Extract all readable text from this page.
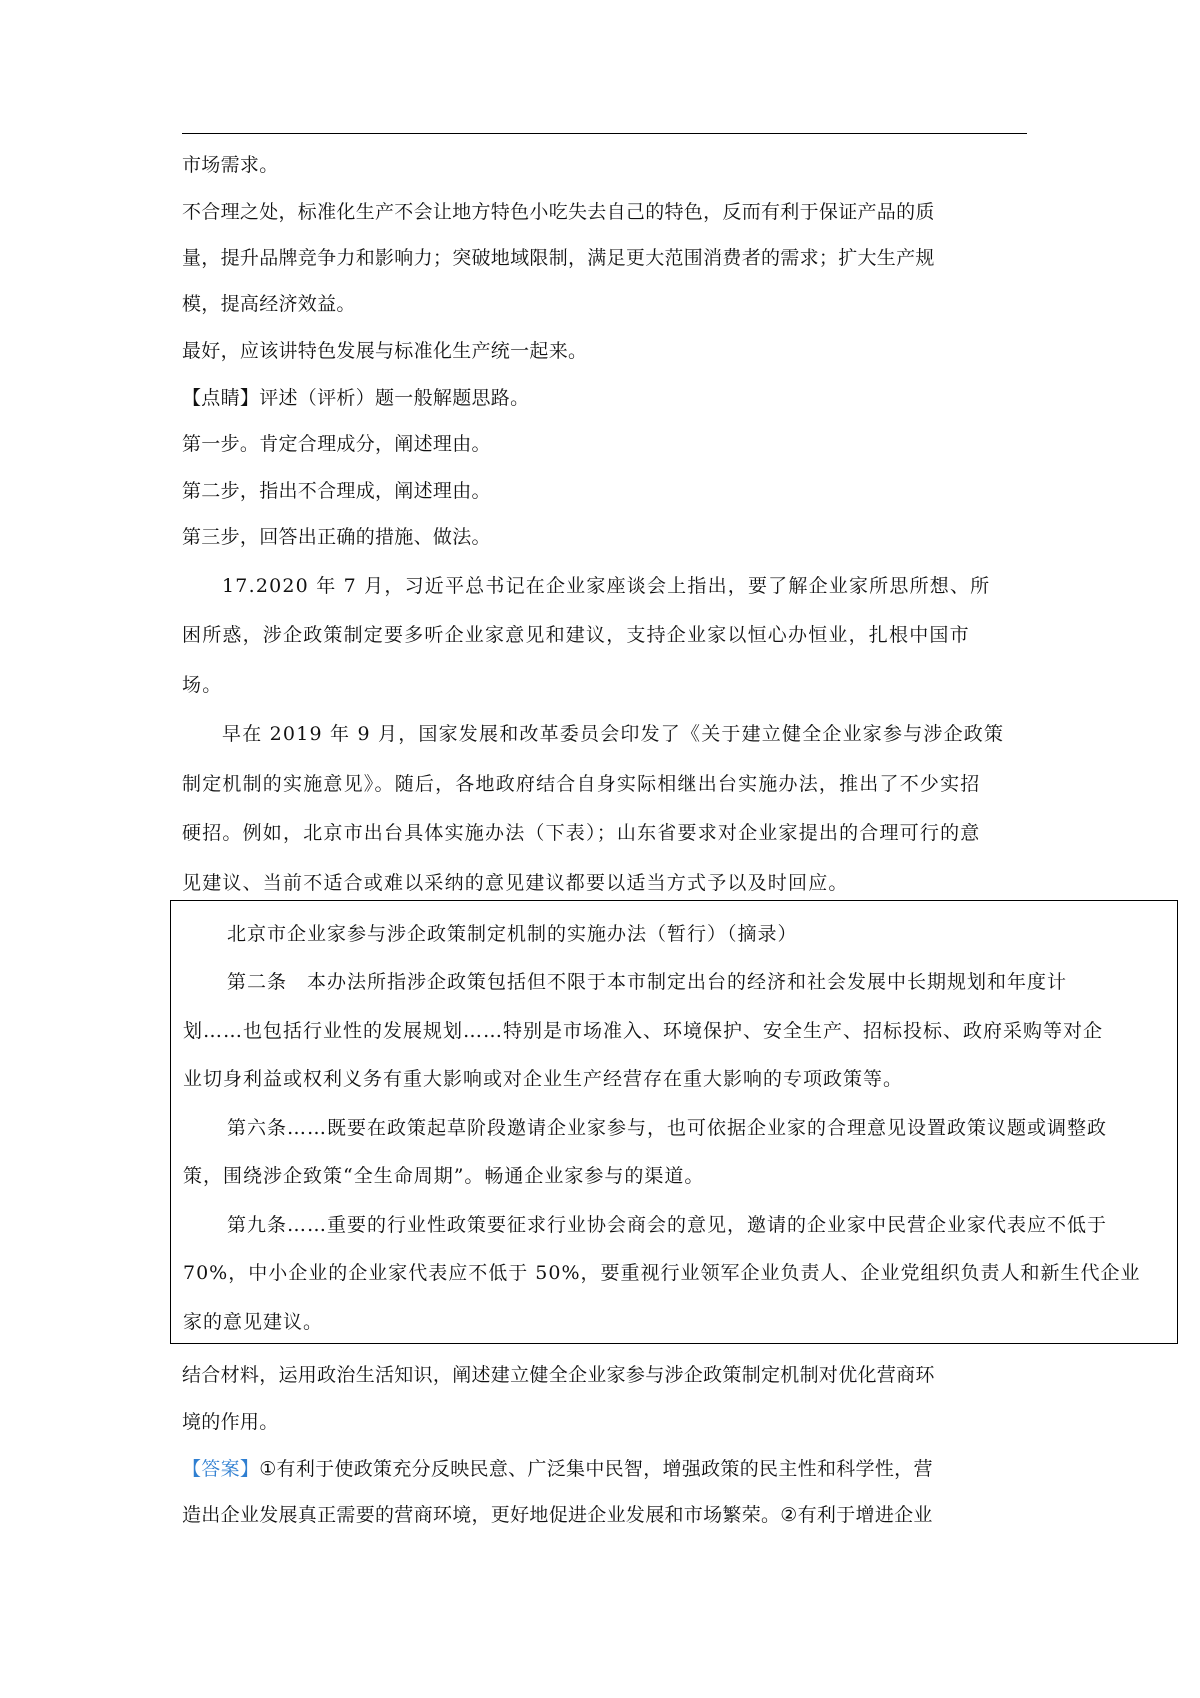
市场需求。
不合理之处，标准化生产不会让地方特色小吃失去自己的特色，反而有利于保证产品的质
量，提升品牌竞争力和影响力；突破地域限制，满足更大范围消费者的需求；扩大生产规
模，提高经济效益。
最好，应该讲特色发展与标准化生产统一起来。
【点睛】评述（评析）题一般解题思路。
第一步。肯定合理成分，阐述理由。
第二步，指出不合理成，阐述理由。
第三步，回答出正确的措施、做法。
17.2020 年 7 月，习近平总书记在企业家座谈会上指出，要了解企业家所思所想、所
困所惑，涉企政策制定要多听企业家意见和建议，支持企业家以恒心办恒业，扎根中国市
场。
早在 2019 年 9 月，国家发展和改革委员会印发了《关于建立健全企业家参与涉企政策
制定机制的实施意见》。随后，各地政府结合自身实际相继出台实施办法，推出了不少实招
硬招。例如，北京市出台具体实施办法（下表）；山东省要求对企业家提出的合理可行的意
见建议、当前不适合或难以采纳的意见建议都要以适当方式予以及时回应。
北京市企业家参与涉企政策制定机制的实施办法（暂行）（摘录）
第二条　本办法所指涉企政策包括但不限于本市制定出台的经济和社会发展中长期规划和年度计
划……也包括行业性的发展规划……特别是市场准入、环境保护、安全生产、招标投标、政府采购等对企
业切身利益或权利义务有重大影响或对企业生产经营存在重大影响的专项政策等。
第六条……既要在政策起草阶段邀请企业家参与，也可依据企业家的合理意见设置政策议题或调整政
策，围绕涉企致策“全生命周期”。畅通企业家参与的渠道。
第九条……重要的行业性政策要征求行业协会商会的意见，邀请的企业家中民营企业家代表应不低于
70%，中小企业的企业家代表应不低于 50%，要重视行业领军企业负责人、企业党组织负责人和新生代企业
家的意见建议。
结合材料，运用政治生活知识，阐述建立健全企业家参与涉企政策制定机制对优化营商环
境的作用。
【答案】①有利于使政策充分反映民意、广泛集中民智，增强政策的民主性和科学性，营
造出企业发展真正需要的营商环境，更好地促进企业发展和市场繁荣。②有利于增进企业
